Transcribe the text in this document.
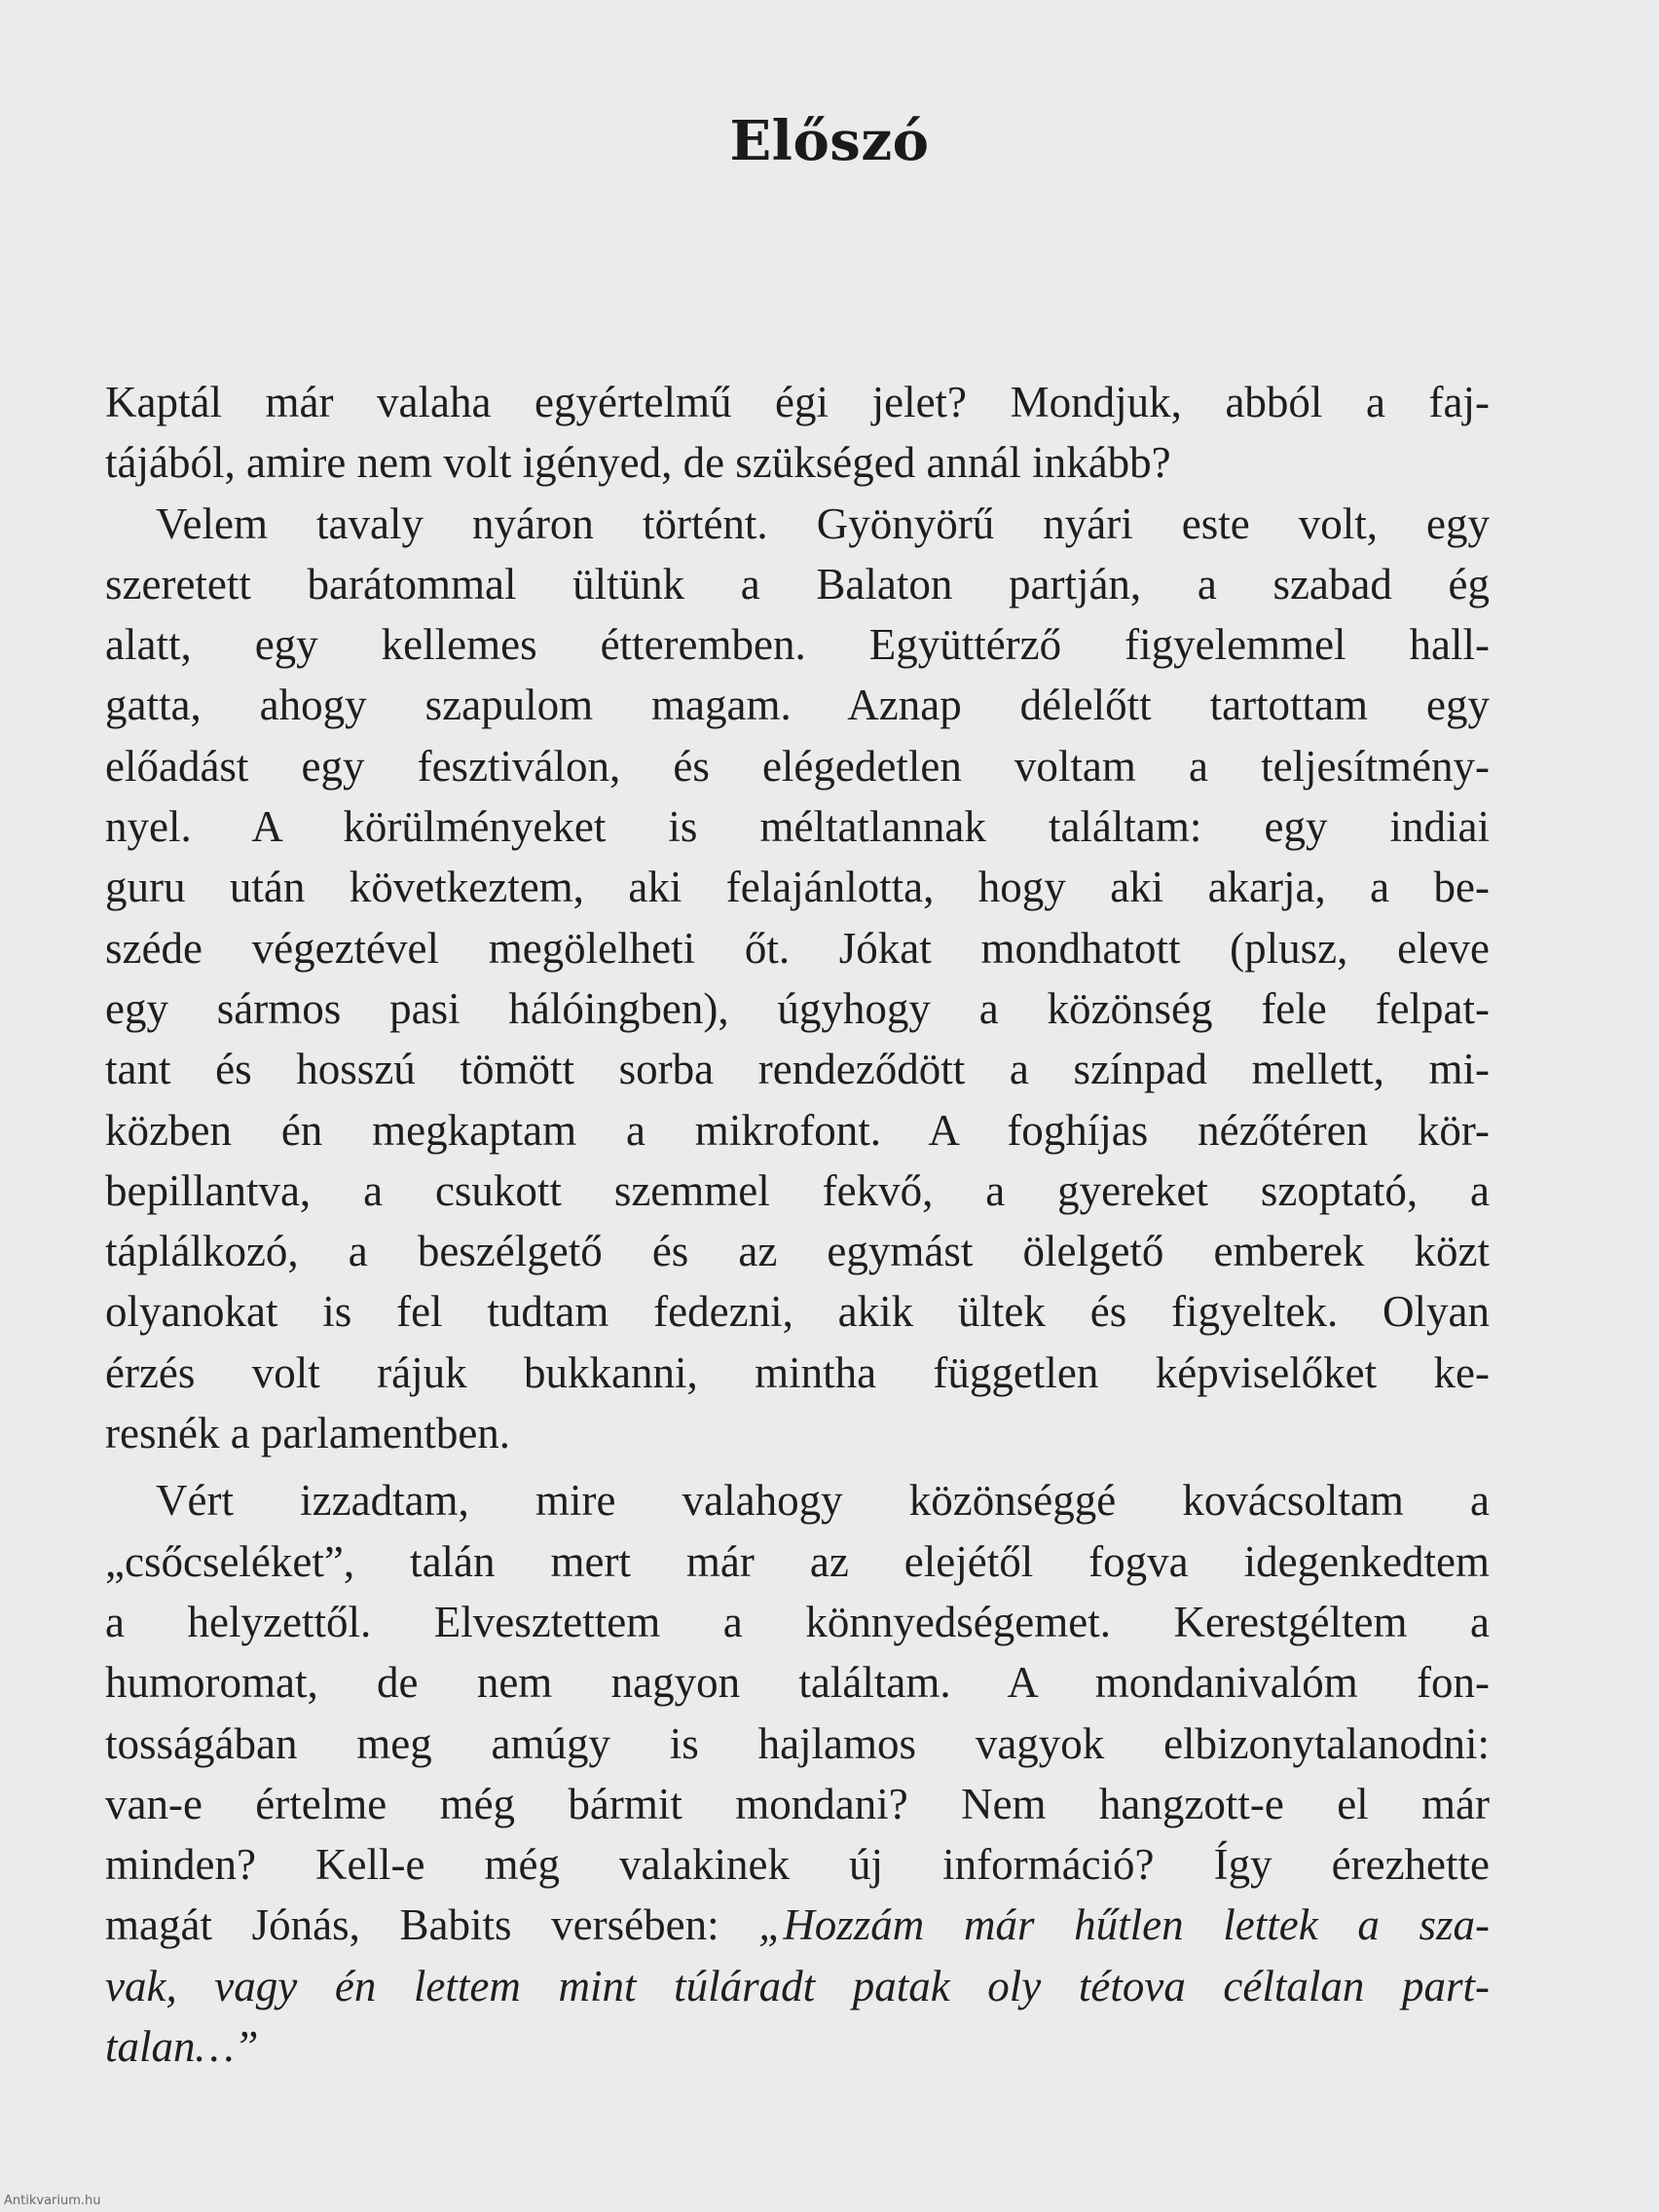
Előszó
Kaptál már valaha egyértelmű égi jelet? Mondjuk, abból a faj-
tájából, amire nem volt igényed, de szükséged annál inkább?
Velem tavaly nyáron történt. Gyönyörű nyári este volt, egy
szeretett barátommal ültünk a Balaton partján, a szabad ég
alatt, egy kellemes étteremben. Együttérző figyelemmel hall-
gatta, ahogy szapulom magam. Aznap délelőtt tartottam egy
előadást egy fesztiválon, és elégedetlen voltam a teljesítmény-
nyel. A körülményeket is méltatlannak találtam: egy indiai
guru után következtem, aki felajánlotta, hogy aki akarja, a be-
széde végeztével megölelheti őt. Jókat mondhatott (plusz, eleve
egy sármos pasi hálóingben), úgyhogy a közönség fele felpat-
tant és hosszú tömött sorba rendeződött a színpad mellett, mi-
közben én megkaptam a mikrofont. A foghíjas nézőtéren kör-
bepillantva, a csukott szemmel fekvő, a gyereket szoptató, a
táplálkozó, a beszélgető és az egymást ölelgető emberek közt
olyanokat is fel tudtam fedezni, akik ültek és figyeltek. Olyan
érzés volt rájuk bukkanni, mintha független képviselőket ke-
resnék a parlamentben.
Vért izzadtam, mire valahogy közönséggé kovácsoltam a
„csőcseléket”, talán mert már az elejétől fogva idegenkedtem
a helyzettől. Elvesztettem a könnyedségemet. Kerestgéltem a
humoromat, de nem nagyon találtam. A mondanivalóm fon-
tosságában meg amúgy is hajlamos vagyok elbizonytalanodni:
van-e értelme még bármit mondani? Nem hangzott-e el már
minden? Kell-e még valakinek új információ? Így érezhette
magát Jónás, Babits versében: „Hozzám már hűtlen lettek a sza-
vak, vagy én lettem mint túláradt patak oly tétova céltalan part-
talan…”
Antikvarium.hu
